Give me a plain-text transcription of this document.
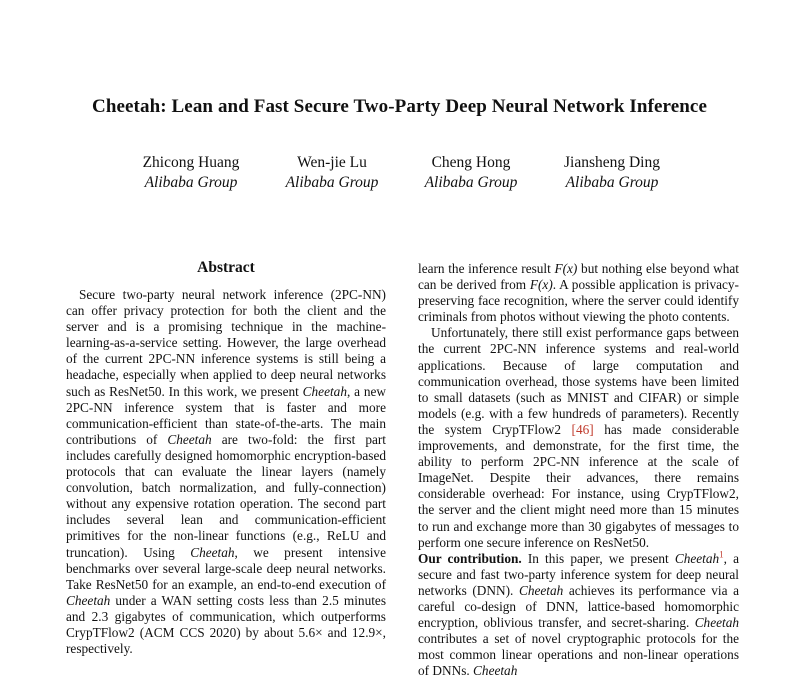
Cheetah: Lean and Fast Secure Two-Party Deep Neural Network Inference
Zhicong Huang
Alibaba Group
Wen-jie Lu
Alibaba Group
Cheng Hong
Alibaba Group
Jiansheng Ding
Alibaba Group
Abstract

Secure two-party neural network inference (2PC-NN) can offer privacy protection for both the client and the server and is a promising technique in the machine-learning-as-a-service setting. However, the large overhead of the current 2PC-NN inference systems is still being a headache, especially when applied to deep neural networks such as ResNet50. In this work, we present Cheetah, a new 2PC-NN inference system that is faster and more communication-efficient than state-of-the-arts. The main contributions of Cheetah are two-fold: the first part includes carefully designed homomorphic encryption-based protocols that can evaluate the linear layers (namely convolution, batch normalization, and fully-connection) without any expensive rotation operation. The second part includes several lean and communication-efficient primitives for the non-linear functions (e.g., ReLU and truncation). Using Cheetah, we present intensive benchmarks over several large-scale deep neural networks. Take ResNet50 for an example, an end-to-end execution of Cheetah under a WAN setting costs less than 2.5 minutes and 2.3 gigabytes of communication, which outperforms CrypTFlow2 (ACM CCS 2020) by about 5.6× and 12.9×, respectively.

learn the inference result F(x) but nothing else beyond what can be derived from F(x). A possible application is privacy-preserving face recognition, where the server could identify criminals from photos without viewing the photo contents.

Unfortunately, there still exist performance gaps between the current 2PC-NN inference systems and real-world applications. Because of large computation and communication overhead, those systems have been limited to small datasets (such as MNIST and CIFAR) or simple models (e.g. with a few hundreds of parameters). Recently the system CrypTFlow2 [46] has made considerable improvements, and demonstrate, for the first time, the ability to perform 2PC-NN inference at the scale of ImageNet. Despite their advances, there remains considerable overhead: For instance, using CrypTFlow2, the server and the client might need more than 15 minutes to run and exchange more than 30 gigabytes of messages to perform one secure inference on ResNet50.

Our contribution. In this paper, we present Cheetah$^1$, a secure and fast two-party inference system for deep neural networks (DNN). Cheetah achieves its performance via a careful co-design of DNN, lattice-based homomorphic encryption, oblivious transfer, and secret-sharing. Cheetah contributes a set of novel cryptographic protocols for the most common linear operations and non-linear operations of DNNs. Cheetah
